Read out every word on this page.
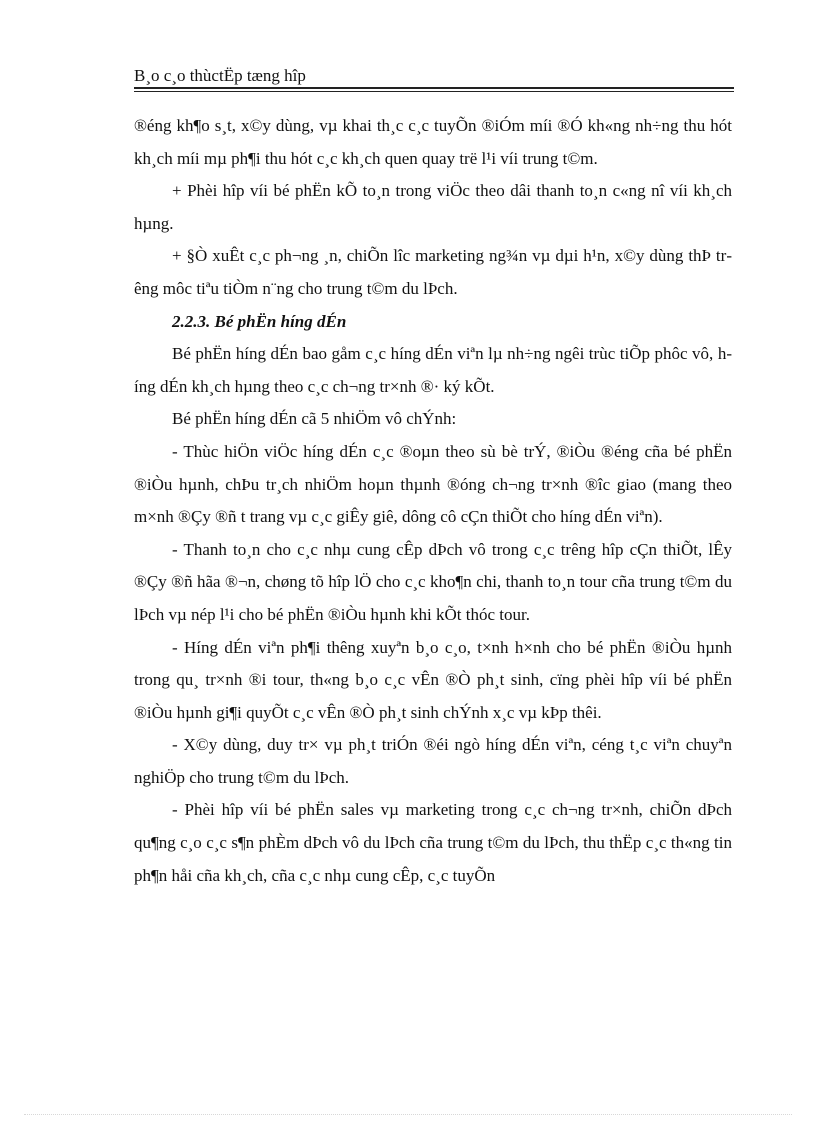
B¸o c¸o thùctËp tæng hîp

®éng kh¶o s¸t, x©y dùng, vµ khai th¸c c¸c tuyÕn ®iÓm míi ®Ó kh«ng nh÷ng thu hót kh¸ch míi mµ ph¶i thu hót c¸c kh¸ch quen quay trë l¹i víi trung t©m.

+ Phèi hîp víi bé phËn kÕ to¸n trong viÖc theo dâi thanh to¸n c«ng nî víi kh¸ch hµng.

+ §Ò xuÊt c¸c ph¬ng ¸n, chiÕn lîc marketing ng¾n vµ dµi h¹n, x©y dùng thÞ trêng môc tiªu tiÒm n¨ng cho trung t©m du lÞch.

2.2.3. Bé phËn híng dÉn

Bé phËn híng dÉn bao gåm c¸c híng dÉn viªn lµ nh÷ng ngêi trùc tiÕp phôc vô, híng dÉn kh¸ch hµng theo c¸c ch¬ng tr×nh ®· ký kÕt.

Bé phËn híng dÉn cã 5 nhiÖm vô chÝnh:

- Thùc hiÖn viÖc híng dÉn c¸c ®oµn theo sù bè trÝ, ®iÒu ®éng cña bé phËn ®iÒu hµnh, chÞu tr¸ch nhiÖm hoµn thµnh ®óng ch¬ng tr×nh ®îc giao (mang theo m×nh ®Çy ®ñ t trang vµ c¸c giÊy giê, dông cô cÇn thiÕt cho híng dÉn viªn).

- Thanh to¸n cho c¸c nhµ cung cÊp dÞch vô trong c¸c trêng hîp cÇn thiÕt, lÊy ®Çy ®ñ hãa ®¬n, chøng tõ hîp lÖ cho c¸c kho¶n chi, thanh to¸n tour cña trung t©m du lÞch vµ nép l¹i cho bé phËn ®iÒu hµnh khi kÕt thóc tour.

- Híng dÉn viªn ph¶i thêng xuyªn b¸o c¸o, t×nh h×nh cho bé phËn ®iÒu hµnh trong qu¸ tr×nh ®i tour, th«ng b¸o c¸c vÊn ®Ò ph¸t sinh, cïng phèi hîp víi bé phËn ®iÒu hµnh gi¶i quyÕt c¸c vÊn ®Ò ph¸t sinh chÝnh x¸c vµ kÞp thêi.

- X©y dùng, duy tr× vµ ph¸t triÓn ®éi ngò híng dÉn viªn, céng t¸c viªn chuyªn nghiÖp cho trung t©m du lÞch.

- Phèi hîp víi bé phËn sales vµ marketing trong c¸c ch¬ng tr×nh, chiÕn dÞch qu¶ng c¸o c¸c s¶n phÈm dÞch vô du lÞch cña trung t©m du lÞch, thu thËp c¸c th«ng tin ph¶n håi cña kh¸ch, cña c¸c nhµ cung cÊp, c¸c tuyÕn
